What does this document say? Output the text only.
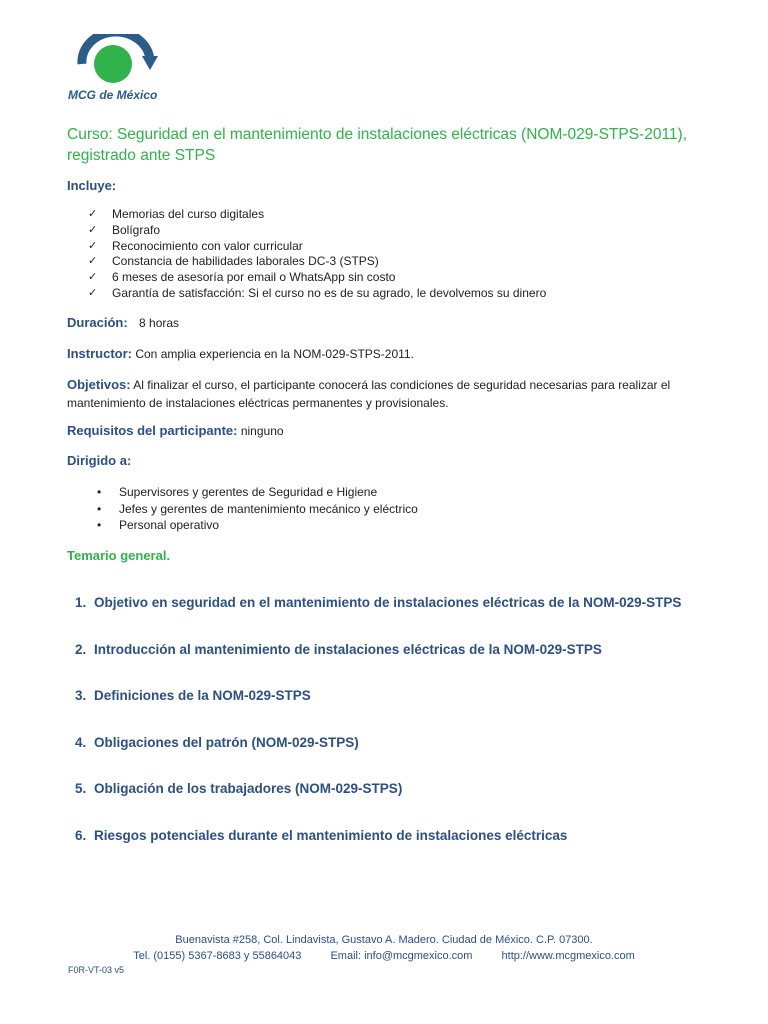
MCG de México
Curso: Seguridad en el mantenimiento de instalaciones eléctricas (NOM-029-STPS-2011), registrado ante STPS
Incluye:
✓ Memorias del curso digitales
✓ Bolígrafo
✓ Reconocimiento con valor curricular
✓ Constancia de habilidades laborales DC-3 (STPS)
✓ 6 meses de asesoría por email o WhatsApp sin costo
✓ Garantía de satisfacción: Si el curso no es de su agrado, le devolvemos su dinero
Duración: 8 horas
Instructor: Con amplia experiencia en la NOM-029-STPS-2011.
Objetivos: Al finalizar el curso, el participante conocerá las condiciones de seguridad necesarias para realizar el mantenimiento de instalaciones eléctricas permanentes y provisionales.
Requisitos del participante: ninguno
Dirigido a:
• Supervisores y gerentes de Seguridad e Higiene
• Jefes y gerentes de mantenimiento mecánico y eléctrico
• Personal operativo
Temario general.
1. Objetivo en seguridad en el mantenimiento de instalaciones eléctricas de la NOM-029-STPS
2. Introducción al mantenimiento de instalaciones eléctricas de la NOM-029-STPS
3. Definiciones de la NOM-029-STPS
4. Obligaciones del patrón (NOM-029-STPS)
5. Obligación de los trabajadores (NOM-029-STPS)
6. Riesgos potenciales durante el mantenimiento de instalaciones eléctricas
Buenavista #258, Col. Lindavista, Gustavo A. Madero. Ciudad de México. C.P. 07300.
Tel. (0155) 5367-8683 y 55864043	Email: info@mcgmexico.com	http://www.mcgmexico.com
F0R-VT-03 v5
